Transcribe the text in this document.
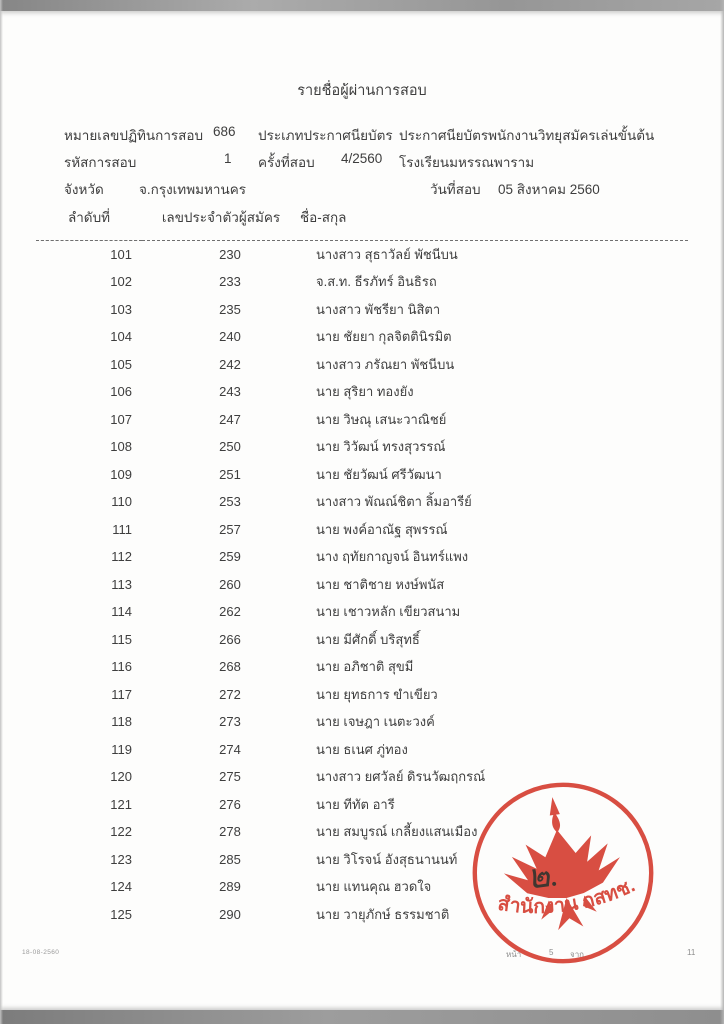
รายชื่อผู้ผ่านการสอบ
หมายเลขปฏิทินการสอบ 686 ประเภทประกาศนียบัตร ประกาศนียบัตรพนักงานวิทยุสมัครเล่นขั้นต้น
รหัสการสอบ	1 ครั้งที่สอบ 4/2560 โรงเรียนมหรรณพาราม
จังหวัด	จ.กรุงเทพมหานคร	วันที่สอบ 05 สิงหาคม 2560
ลำดับที่	เลขประจำตัวผู้สมัคร	ชื่อ-สกุล
101	230	นางสาว สุธาวัลย์ พัชนีบน
102	233	จ.ส.ท. ธีรภัทร์ อินธิรถ
103	235	นางสาว พัชรียา นิสิตา
104	240	นาย ชัยยา กุลจิตตินิรมิต
105	242	นางสาว ภรัณยา พัชนีบน
106	243	นาย สุริยา ทองยัง
107	247	นาย วิษณุ เสนะวาณิชย์
108	250	นาย วิวัฒน์ ทรงสุวรรณ์
109	251	นาย ชัยวัฒน์ ศรีวัฒนา
110	253	นางสาว พัณณ์ชิตา ลิ้มอารีย์
111	257	นาย พงค์อาณัฐ สุพรรณ์
112	259	นาง ฤทัยกาญจน์ อินทร์แพง
113	260	นาย ชาติชาย หงษ์พนัส
114	262	นาย เชาวหลัก เขียวสนาม
115	266	นาย มีศักดิ์ บริสุทธิ์
116	268	นาย อภิชาติ สุขมี
117	272	นาย ยุทธการ ขำเขียว
118	273	นาย เจษฎา เนตะวงค์
119	274	นาย ธเนศ ภู่ทอง
120	275	นางสาว ยศวัลย์ ดิรนวัฒฤกรณ์
121	276	นาย ทีทัต อารี
122	278	นาย สมบูรณ์ เกลี้ยงแสนเมือง
123	285	นาย วิโรจน์ อังสุธนานนท์
124	289	นาย แทนคุณ ฮวดใจ
125	290	นาย วายุภักษ์ ธรรมชาติ สำนักงาน กสทช.
๒.
18-08-2560	หน้า	5 จาก	11
